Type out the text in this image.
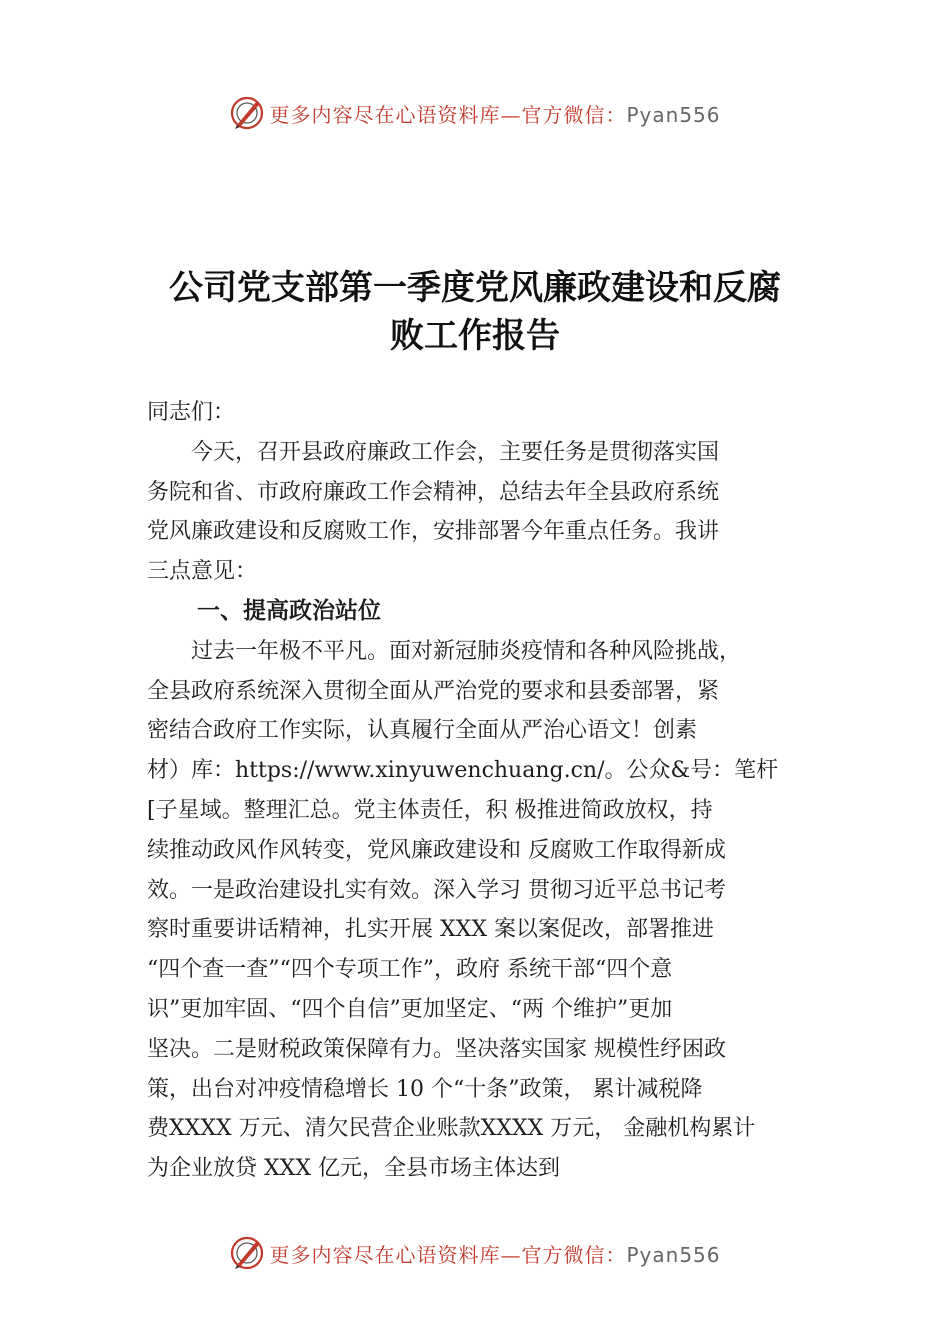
更多内容尽在心语资料库—官方微信：Pyan556
公司党支部第一季度党风廉政建设和反腐
败工作报告
同志们：
　　今天，召开县政府廉政工作会，主要任务是贯彻落实国
务院和省、市政府廉政工作会精神，总结去年全县政府系统
党风廉政建设和反腐败工作，安排部署今年重点任务。我讲
三点意见：
一、提高政治站位
　　过去一年极不平凡。面对新冠肺炎疫情和各种风险挑战，
全县政府系统深入贯彻全面从严治党的要求和县委部署，紧
密结合政府工作实际，认真履行全面从严治心语文！创素
材）库：https://www.xinyuwenchuang.cn/。公众&号：笔杆
[子星域。整理汇总。党主体责任，积 极推进简政放权，持
续推动政风作风转变，党风廉政建设和 反腐败工作取得新成
效。一是政治建设扎实有效。深入学习 贯彻习近平总书记考
察时重要讲话精神，扎实开展 XXX 案以案促改，部署推进
“四个查一查”“四个专项工作”，政府 系统干部“四个意
识”更加牢固、“四个自信”更加坚定、“两 个维护”更加
坚决。二是财税政策保障有力。坚决落实国家 规模性纾困政
策，出台对冲疫情稳增长 10 个“十条”政策， 累计减税降
费XXXX 万元、清欠民营企业账款XXXX 万元， 金融机构累计
为企业放贷 XXX 亿元，全县市场主体达到
更多内容尽在心语资料库—官方微信：Pyan556
